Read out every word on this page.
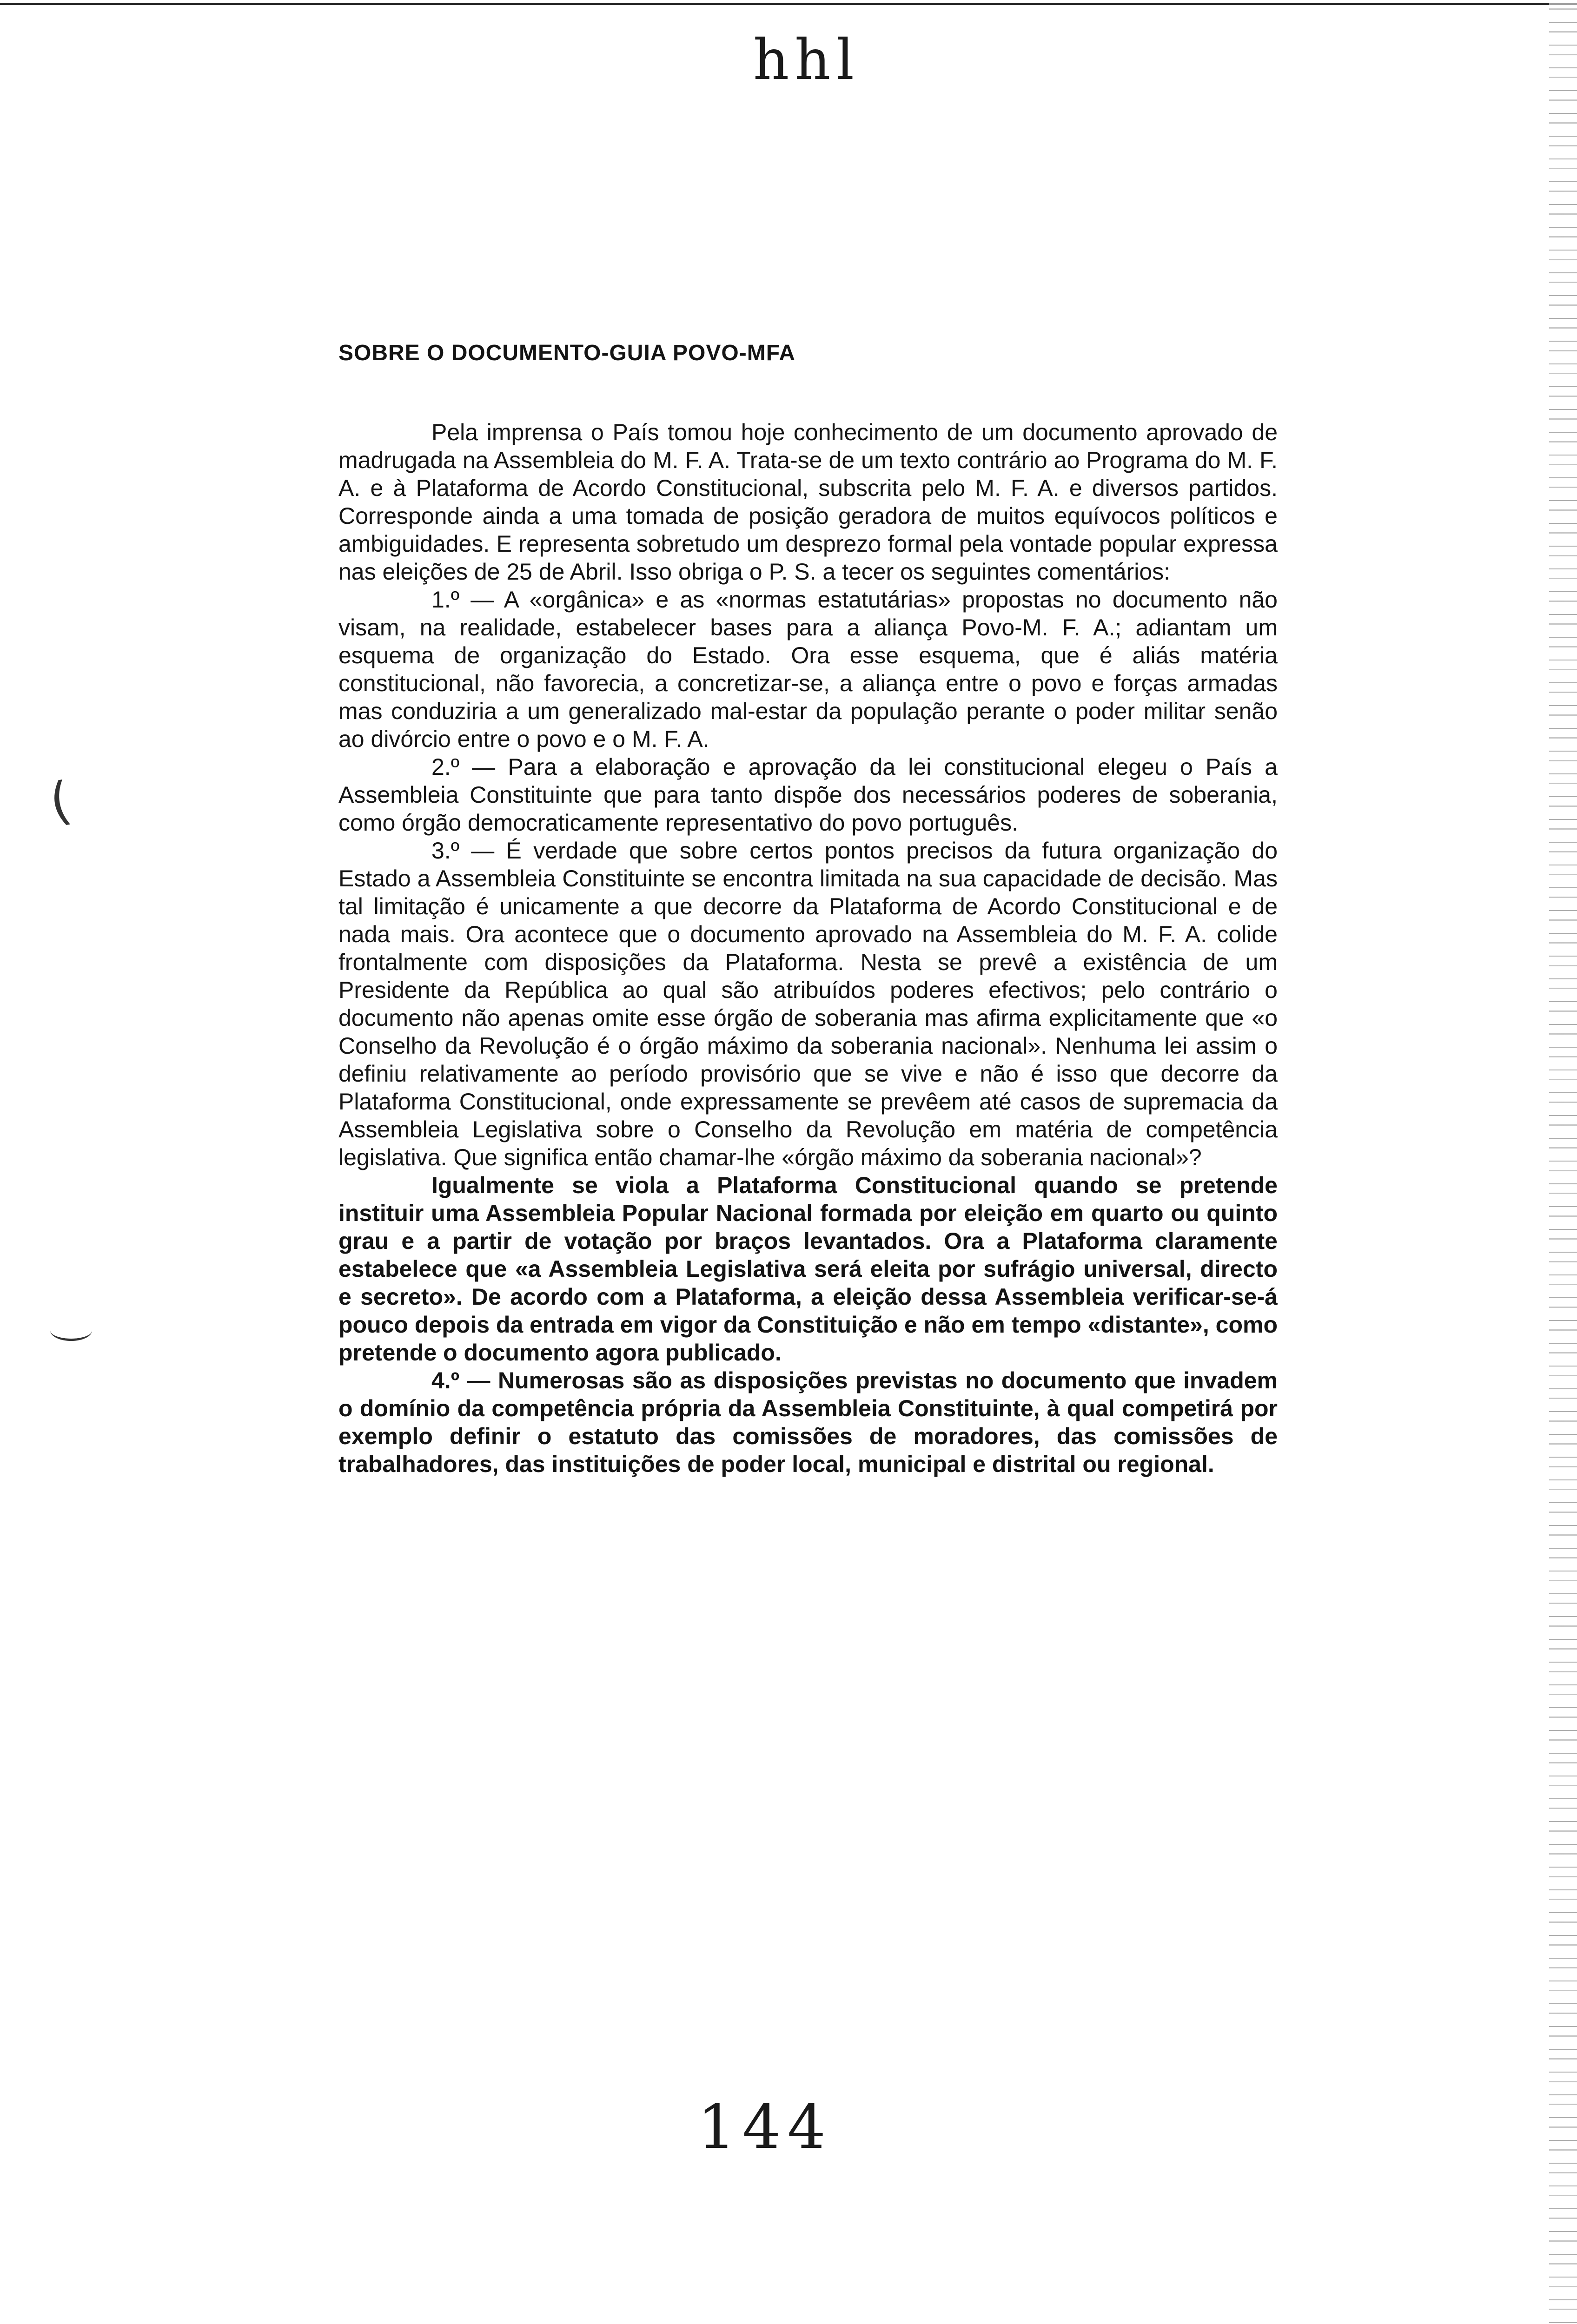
hhl
(
SOBRE O DOCUMENTO-GUIA POVO-MFA

Pela imprensa o País tomou hoje conhecimento de um documento aprovado de madrugada na Assembleia do M. F. A. Trata-se de um texto contrário ao Programa do M. F. A. e à Plataforma de Acordo Constitucional, subscrita pelo M. F. A. e diversos partidos. Corresponde ainda a uma tomada de posição geradora de muitos equívocos políticos e ambiguidades. E representa sobretudo um desprezo formal pela vontade popular expressa nas eleições de 25 de Abril. Isso obriga o P. S. a tecer os seguintes comentários:

1.º — A «orgânica» e as «normas estatutárias» propostas no documento não visam, na realidade, estabelecer bases para a aliança Povo-M. F. A.; adiantam um esquema de organização do Estado. Ora esse esquema, que é aliás matéria constitucional, não favorecia, a concretizar-se, a aliança entre o povo e forças armadas mas conduziria a um generalizado mal-estar da população perante o poder militar senão ao divórcio entre o povo e o M. F. A.

2.º — Para a elaboração e aprovação da lei constitucional elegeu o País a Assembleia Constituinte que para tanto dispõe dos necessários poderes de soberania, como órgão democraticamente representativo do povo português.

3.º — É verdade que sobre certos pontos precisos da futura organização do Estado a Assembleia Constituinte se encontra limitada na sua capacidade de decisão. Mas tal limitação é unicamente a que decorre da Plataforma de Acordo Constitucional e de nada mais. Ora acontece que o documento aprovado na Assembleia do M. F. A. colide frontalmente com disposições da Plataforma. Nesta se prevê a existência de um Presidente da República ao qual são atribuídos poderes efectivos; pelo contrário o documento não apenas omite esse órgão de soberania mas afirma explicitamente que «o Conselho da Revolução é o órgão máximo da soberania nacional». Nenhuma lei assim o definiu relativamente ao período provisório que se vive e não é isso que decorre da Plataforma Constitucional, onde expressamente se prevêem até casos de supremacia da Assembleia Legislativa sobre o Conselho da Revolução em matéria de competência legislativa. Que significa então chamar-lhe «órgão máximo da soberania nacional»?

Igualmente se viola a Plataforma Constitucional quando se pretende instituir uma Assembleia Popular Nacional formada por eleição em quarto ou quinto grau e a partir de votação por braços levantados. Ora a Plataforma claramente estabelece que «a Assembleia Legislativa será eleita por sufrágio universal, directo e secreto». De acordo com a Plataforma, a eleição dessa Assembleia verificar-se-á pouco depois da entrada em vigor da Constituição e não em tempo «distante», como pretende o documento agora publicado.

4.º — Numerosas são as disposições previstas no documento que invadem o domínio da competência própria da Assembleia Constituinte, à qual competirá por exemplo definir o estatuto das comissões de moradores, das comissões de trabalhadores, das instituições de poder local, municipal e distrital ou regional.

144
